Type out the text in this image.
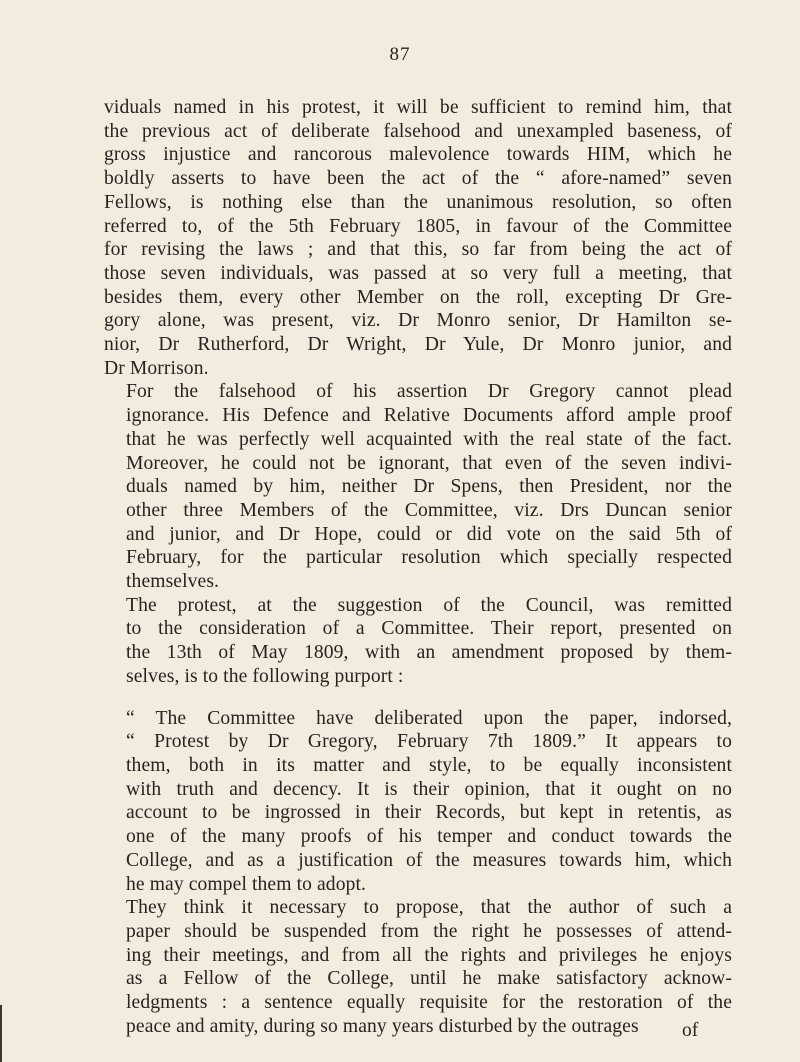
87

viduals named in his protest, it will be sufficient to remind him, that
the previous act of deliberate falsehood and unexampled baseness, of
gross injustice and rancorous malevolence towards HIM, which he
boldly asserts to have been the act of the “ afore-named” seven
Fellows, is nothing else than the unanimous resolution, so often
referred to, of the 5th February 1805, in favour of the Committee
for revising the laws ; and that this, so far from being the act of
those seven individuals, was passed at so very full a meeting, that
besides them, every other Member on the roll, excepting Dr Gre-
gory alone, was present, viz. Dr Monro senior, Dr Hamilton se-
nior, Dr Rutherford, Dr Wright, Dr Yule, Dr Monro junior, and
Dr Morrison.

For the falsehood of his assertion Dr Gregory cannot plead
ignorance. His Defence and Relative Documents afford ample proof
that he was perfectly well acquainted with the real state of the fact.
Moreover, he could not be ignorant, that even of the seven indivi-
duals named by him, neither Dr Spens, then President, nor the
other three Members of the Committee, viz. Drs Duncan senior
and junior, and Dr Hope, could or did vote on the said 5th of
February, for the particular resolution which specially respected
themselves.

The protest, at the suggestion of the Council, was remitted
to the consideration of a Committee. Their report, presented on
the 13th of May 1809, with an amendment proposed by them-
selves, is to the following purport :

“ The Committee have deliberated upon the paper, indorsed,
“ Protest by Dr Gregory, February 7th 1809.” It appears to
them, both in its matter and style, to be equally inconsistent
with truth and decency. It is their opinion, that it ought on no
account to be ingrossed in their Records, but kept in retentis, as
one of the many proofs of his temper and conduct towards the
College, and as a justification of the measures towards him, which
he may compel them to adopt.

They think it necessary to propose, that the author of such a
paper should be suspended from the right he possesses of attend-
ing their meetings, and from all the rights and privileges he enjoys
as a Fellow of the College, until he make satisfactory acknow-
ledgments : a sentence equally requisite for the restoration of the
peace and amity, during so many years disturbed by the outrages	of
